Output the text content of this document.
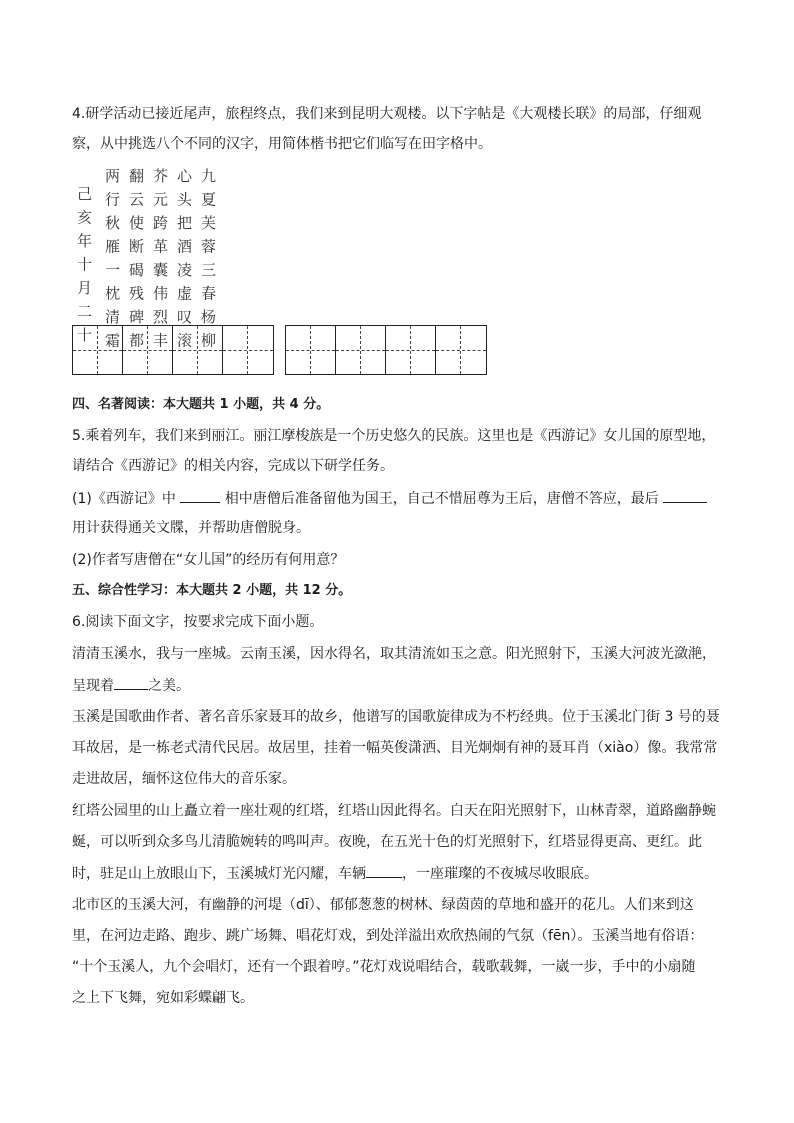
4.研学活动已接近尾声，旅程终点，我们来到昆明大观楼。以下字帖是《大观楼长联》的局部，仔细观
察，从中挑选八个不同的汉字，用简体楷书把它们临写在田字格中。
九夏芙蓉三春杨柳
心头把酒凌虚叹滚
芥元跨革囊伟烈丰
翻云使断碣残碑都
两行秋雁一枕清霜
己亥年十月二十
四、名著阅读：本大题共 1 小题，共 4 分。
5.乘着列车，我们来到丽江。丽江摩梭族是一个历史悠久的民族。这里也是《西游记》女儿国的原型地，
请结合《西游记》的相关内容，完成以下研学任务。
(1)《西游记》中	相中唐僧后准备留他为国王，自己不惜屈尊为王后，唐僧不答应，最后
用计获得通关文牒，并帮助唐僧脱身。
(2)作者写唐僧在“女儿国”的经历有何用意？
五、综合性学习：本大题共 2 小题，共 12 分。
6.阅读下面文字，按要求完成下面小题。
清清玉溪水，我与一座城。云南玉溪，因水得名，取其清流如玉之意。阳光照射下，玉溪大河波光潋滟，
呈现着 之美。
玉溪是国歌曲作者、著名音乐家聂耳的故乡，他谱写的国歌旋律成为不朽经典。位于玉溪北门街 3 号的聂
耳故居，是一栋老式清代民居。故居里，挂着一幅英俊潇洒、目光炯炯有神的聂耳肖（xiào）像。我常常
走进故居，缅怀这位伟大的音乐家。
红塔公园里的山上矗立着一座壮观的红塔，红塔山因此得名。白天在阳光照射下，山林青翠，道路幽静蜿
蜒，可以听到众多鸟儿清脆婉转的鸣叫声。夜晚，在五光十色的灯光照射下，红塔显得更高、更红。此
时，驻足山上放眼山下，玉溪城灯光闪耀，车辆	，一座璀璨的不夜城尽收眼底。
北市区的玉溪大河，有幽静的河堤（dī）、郁郁葱葱的树林、绿茵茵的草地和盛开的花儿。人们来到这
里，在河边走路、跑步、跳广场舞、唱花灯戏，到处洋溢出欢欣热闹的气氛（fēn）。玉溪当地有俗语：
“十个玉溪人，九个会唱灯，还有一个跟着哼。”花灯戏说唱结合，载歌载舞，一崴一步，手中的小扇随
之上下飞舞，宛如彩蝶翩飞。
